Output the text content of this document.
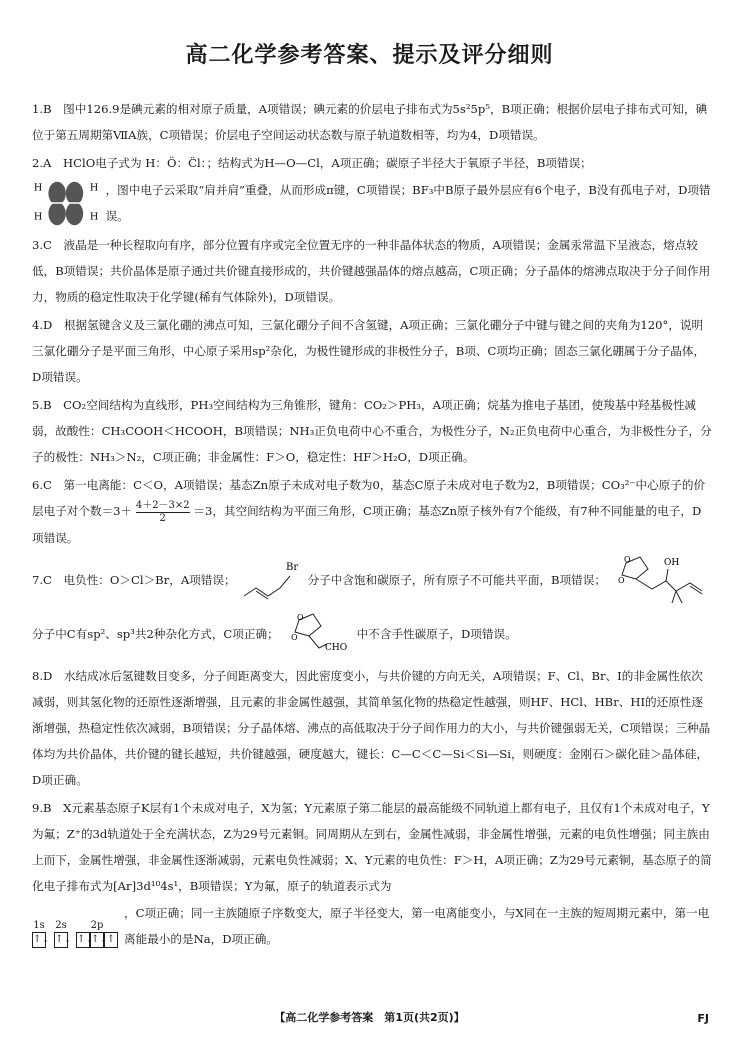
高二化学参考答案、提示及评分细则

1.B　图中126.9是碘元素的相对原子质量，A项错误；碘元素的价层电子排布式为5s²5p⁵，B项正确；根据价层电子排布式可知，碘位于第五周期第ⅦA族，C项错误；价层电子空间运动状态数与原子轨道数相等，均为4，D项错误。

2.A　HClO电子式为 H：Ö：C̈l：；结构式为H—O—Cl，A项正确；碳原子半径大于氧原子半径，B项错误；

H
H
H
H
，图中电子云采取“肩并肩”重叠，从而形成π键，C项错误；BF₃中B原子最外层应有6个电子，B没有孤电子对，D项错误。

3.C　液晶是一种长程取向有序，部分位置有序或完全位置无序的一种非晶体状态的物质，A项错误；金属汞常温下呈液态，熔点较低，B项错误；共价晶体是原子通过共价键直接形成的，共价键越强晶体的熔点越高，C项正确；分子晶体的熔沸点取决于分子间作用力，物质的稳定性取决于化学键(稀有气体除外)，D项错误。

4.D　根据氢键含义及三氯化硼的沸点可知，三氯化硼分子间不含氢键，A项正确；三氯化硼分子中键与键之间的夹角为120°，说明三氯化硼分子是平面三角形，中心原子采用sp²杂化，为极性键形成的非极性分子，B项、C项均正确；固态三氯化硼属于分子晶体，D项错误。

5.B　CO₂空间结构为直线形，PH₃空间结构为三角锥形，键角：CO₂＞PH₃，A项正确；烷基为推电子基团，使羧基中羟基极性减弱，故酸性：CH₃COOH＜HCOOH，B项错误；NH₃正负电荷中心不重合，为极性分子，N₂正负电荷中心重合，为非极性分子，分子的极性：NH₃＞N₂，C项正确；非金属性：F＞O，稳定性：HF＞H₂O，D项正确。

6.C　第一电离能：C＜O，A项错误；基态Zn原子未成对电子数为0，基态C原子未成对电子数为2，B项错误；CO₃²⁻中心原子的价层电子对个数$=3+ \frac{4+2-3\times 2}{2} =3$，其空间结构为平面三角形，C项正确；基态Zn原子核外有7个能级，有7种不同能量的电子，D项错误。

7.C　电负性：O＞Cl＞Br，A项错误；
Br
分子中含饱和碳原子，所有原子不可能共平面，B项错误；
O
O
OH
分子中C有sp²、sp³共2种杂化方式，C项正确；
O
O
CHO
中不含手性碳原子，D项错误。

8.D　水结成冰后氢键数目变多，分子间距离变大，因此密度变小，与共价键的方向无关，A项错误；F、Cl、Br、I的非金属性依次减弱，则其氢化物的还原性逐渐增强，且元素的非金属性越强，其简单氢化物的热稳定性越强，则HF、HCl、HBr、HI的还原性逐渐增强，热稳定性依次减弱，B项错误；分子晶体熔、沸点的高低取决于分子间作用力的大小，与共价键强弱无关，C项错误；三种晶体均为共价晶体，共价键的键长越短，共价键越强，硬度越大，键长：C—C＜C—Si＜Si—Si，则硬度：金刚石＞碳化硅＞晶体硅，D项正确。

9.B　X元素基态原子K层有1个未成对电子，X为氢；Y元素原子第二能层的最高能级不同轨道上都有电子，且仅有1个未成对电子，Y为氟；Z⁺的3d轨道处于全充满状态，Z为29号元素铜。同周期从左到右，金属性减弱，非金属性增强，元素的电负性增强；同主族由上而下，金属性增强，非金属性逐渐减弱，元素电负性减弱；X、Y元素的电负性：F＞H，A项正确；Z为29号元素铜，基态原子的简化电子排布式为[Ar]3d¹⁰4s¹，B项错误；Y为氟，原子的轨道表示式为

1s
↑↓
2s
↑↓
2p
↑↓
↑↓ ↑
，C项正确；同一主族随原子序数变大，原子半径变大，第一电离能变小，与X同在一主族的短周期元素中，第一电离能最小的是Na，D项正确。
【高二化学参考答案　第1页(共2页)】	FJ
